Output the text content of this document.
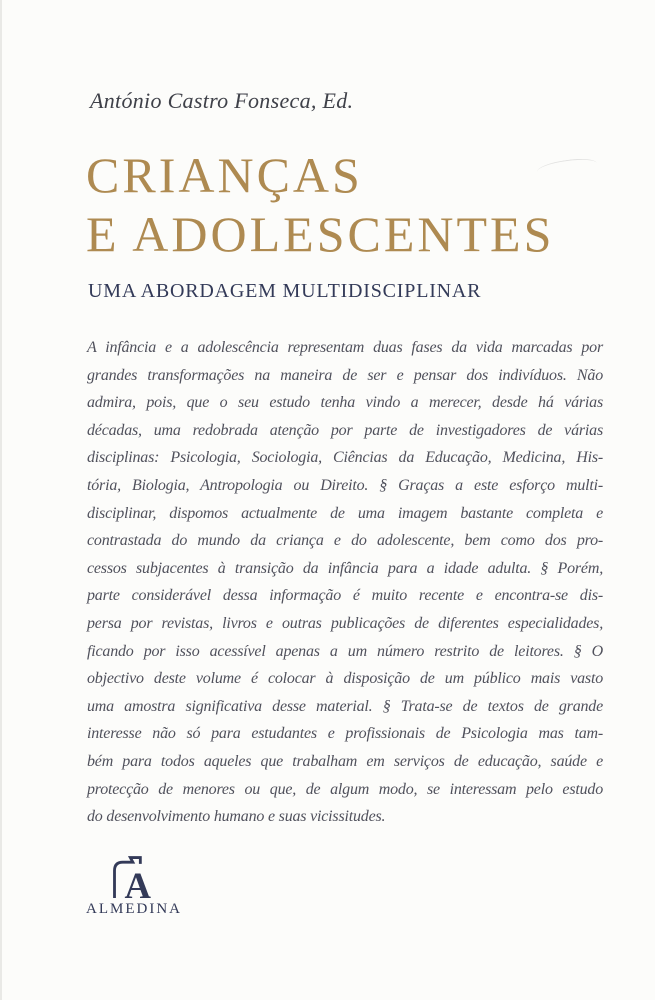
António Castro Fonseca, Ed.
CRIANÇAS
E ADOLESCENTES
UMA ABORDAGEM MULTIDISCIPLINAR
A infância e a adolescência representam duas fases da vida marcadas por
grandes transformações na maneira de ser e pensar dos indivíduos. Não
admira, pois, que o seu estudo tenha vindo a merecer, desde há várias
décadas, uma redobrada atenção por parte de investigadores de várias
disciplinas: Psicologia, Sociologia, Ciências da Educação, Medicina, His-
tória, Biologia, Antropologia ou Direito. § Graças a este esforço multi-
disciplinar, dispomos actualmente de uma imagem bastante completa e
contrastada do mundo da criança e do adolescente, bem como dos pro-
cessos subjacentes à transição da infância para a idade adulta. § Porém,
parte considerável dessa informação é muito recente e encontra-se dis-
persa por revistas, livros e outras publicações de diferentes especialidades,
ficando por isso acessível apenas a um número restrito de leitores. § O
objectivo deste volume é colocar à disposição de um público mais vasto
uma amostra significativa desse material. § Trata-se de textos de grande
interesse não só para estudantes e profissionais de Psicologia mas tam-
bém para todos aqueles que trabalham em serviços de educação, saúde e
protecção de menores ou que, de algum modo, se interessam pelo estudo
do desenvolvimento humano e suas vicissitudes.
A
ALMEDINA
